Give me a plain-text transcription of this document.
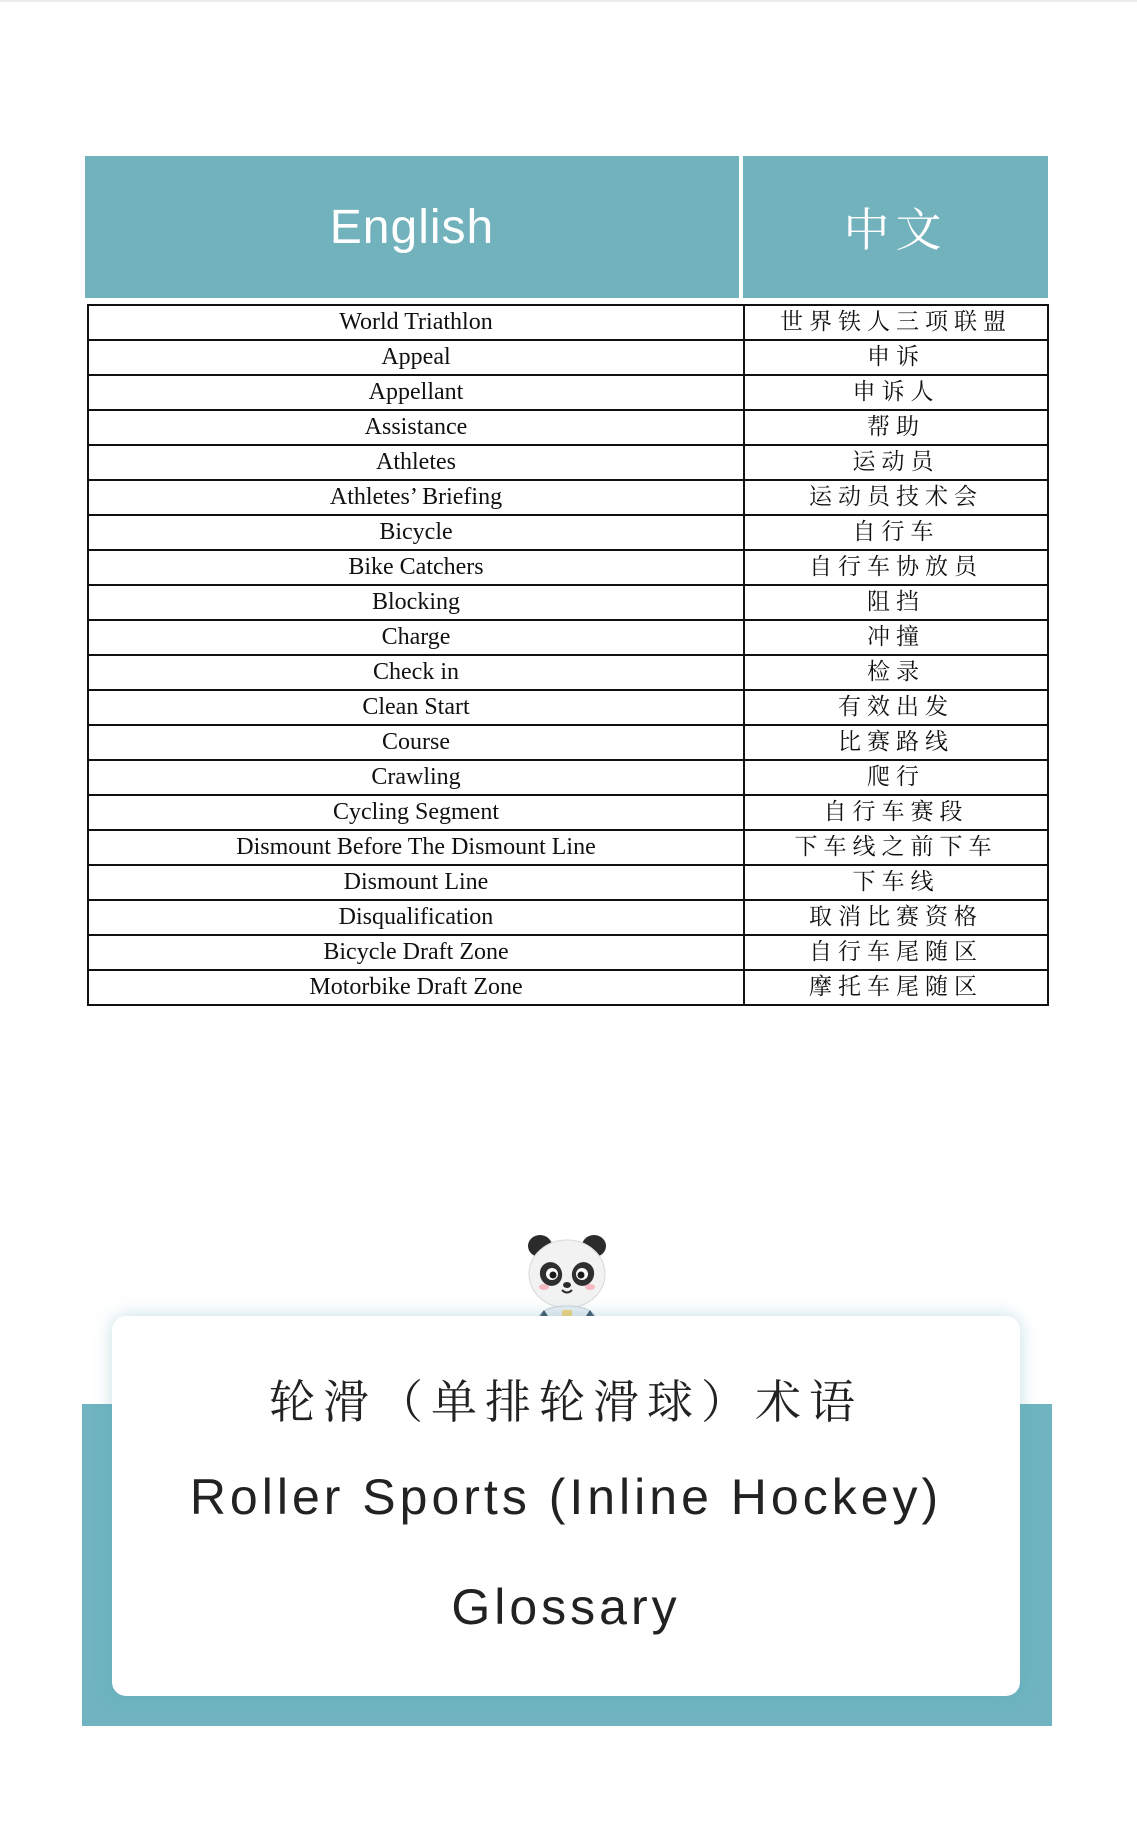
English	中文
World Triathlon	世界铁人三项联盟
Appeal	申诉
Appellant	申诉人
Assistance	帮助
Athletes	运动员
Athletes’ Briefing	运动员技术会
Bicycle	自行车
Bike Catchers	自行车协放员
Blocking	阻挡
Charge	冲撞
Check in	检录
Clean Start	有效出发
Course	比赛路线
Crawling	爬行
Cycling Segment	自行车赛段
Dismount Before The Dismount Line	下车线之前下车
Dismount Line	下车线
Disqualification	取消比赛资格
Bicycle Draft Zone	自行车尾随区
Motorbike Draft Zone	摩托车尾随区
轮滑（单排轮滑球）术语
Roller Sports (Inline Hockey)
Glossary
